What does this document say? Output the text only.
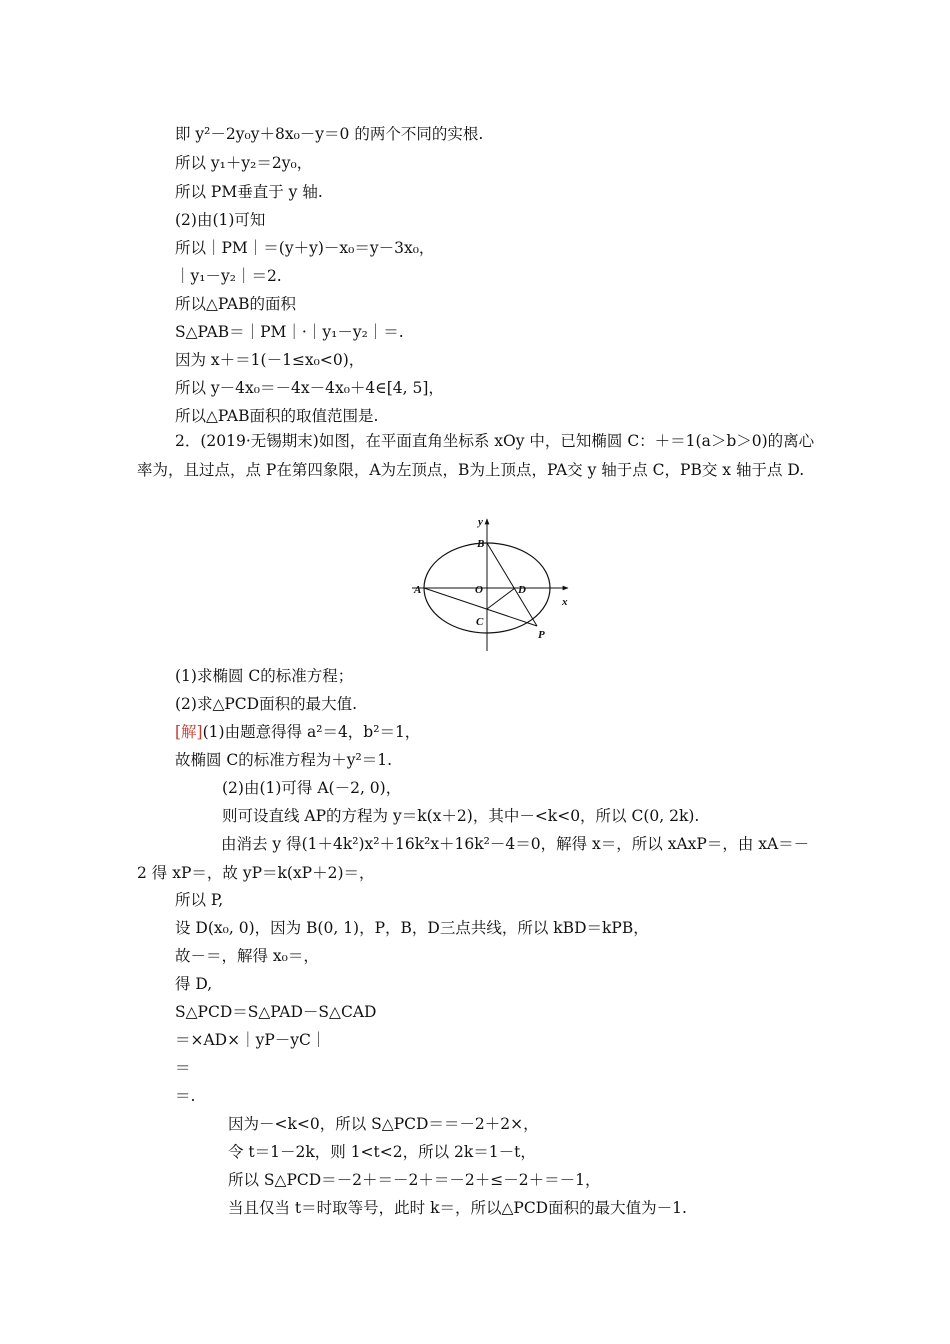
即 y²－2y₀y＋8x₀－y＝0 的两个不同的实根.
所以 y₁＋y₂＝2y₀，
所以 PM垂直于 y 轴.
(2)由(1)可知
所以｜PM｜＝(y＋y)－x₀＝y－3x₀，
｜y₁－y₂｜＝2.
所以△PAB的面积
S△PAB＝｜PM｜·｜y₁－y₂｜＝.
因为 x＋＝1(－1≤x₀<0)，
所以 y－4x₀＝－4x－4x₀＋4∈[4, 5]，
所以△PAB面积的取值范围是.
2．(2019·无锡期末)如图，在平面直角坐标系 xOy 中，已知椭圆 C：＋＝1(a＞b＞0)的离心率为，且过点，点 P在第四象限，A为左顶点，B为上顶点，PA交 y 轴于点 C，PB交 x 轴于点 D.
y
x
B
A	O	D
C
P
(1)求椭圆 C的标准方程；
(2)求△PCD面积的最大值.
[解](1)由题意得得 a²＝4，b²＝1，
故椭圆 C的标准方程为＋y²＝1.
(2)由(1)可得 A(－2, 0)，
则可设直线 AP的方程为 y＝k(x＋2)，其中－<k<0，所以 C(0, 2k).
由消去 y 得(1＋4k²)x²＋16k²x＋16k²－4＝0，解得 x＝，所以 xAxP＝，由 xA＝－2 得 xP＝，故 yP＝k(xP＋2)＝，
所以 P,
设 D(x₀, 0)，因为 B(0, 1)，P，B，D三点共线，所以 kBD＝kPB，
故－＝，解得 x₀＝，
得 D,
S△PCD＝S△PAD－S△CAD
＝×AD×｜yP－yC｜
＝
＝.
因为－<k<0，所以 S△PCD＝＝－2＋2×，
令 t＝1－2k，则 1<t<2，所以 2k＝1－t，
所以 S△PCD＝－2＋＝－2＋＝－2＋≤－2＋＝－1，
当且仅当 t＝时取等号，此时 k＝，所以△PCD面积的最大值为－1.
